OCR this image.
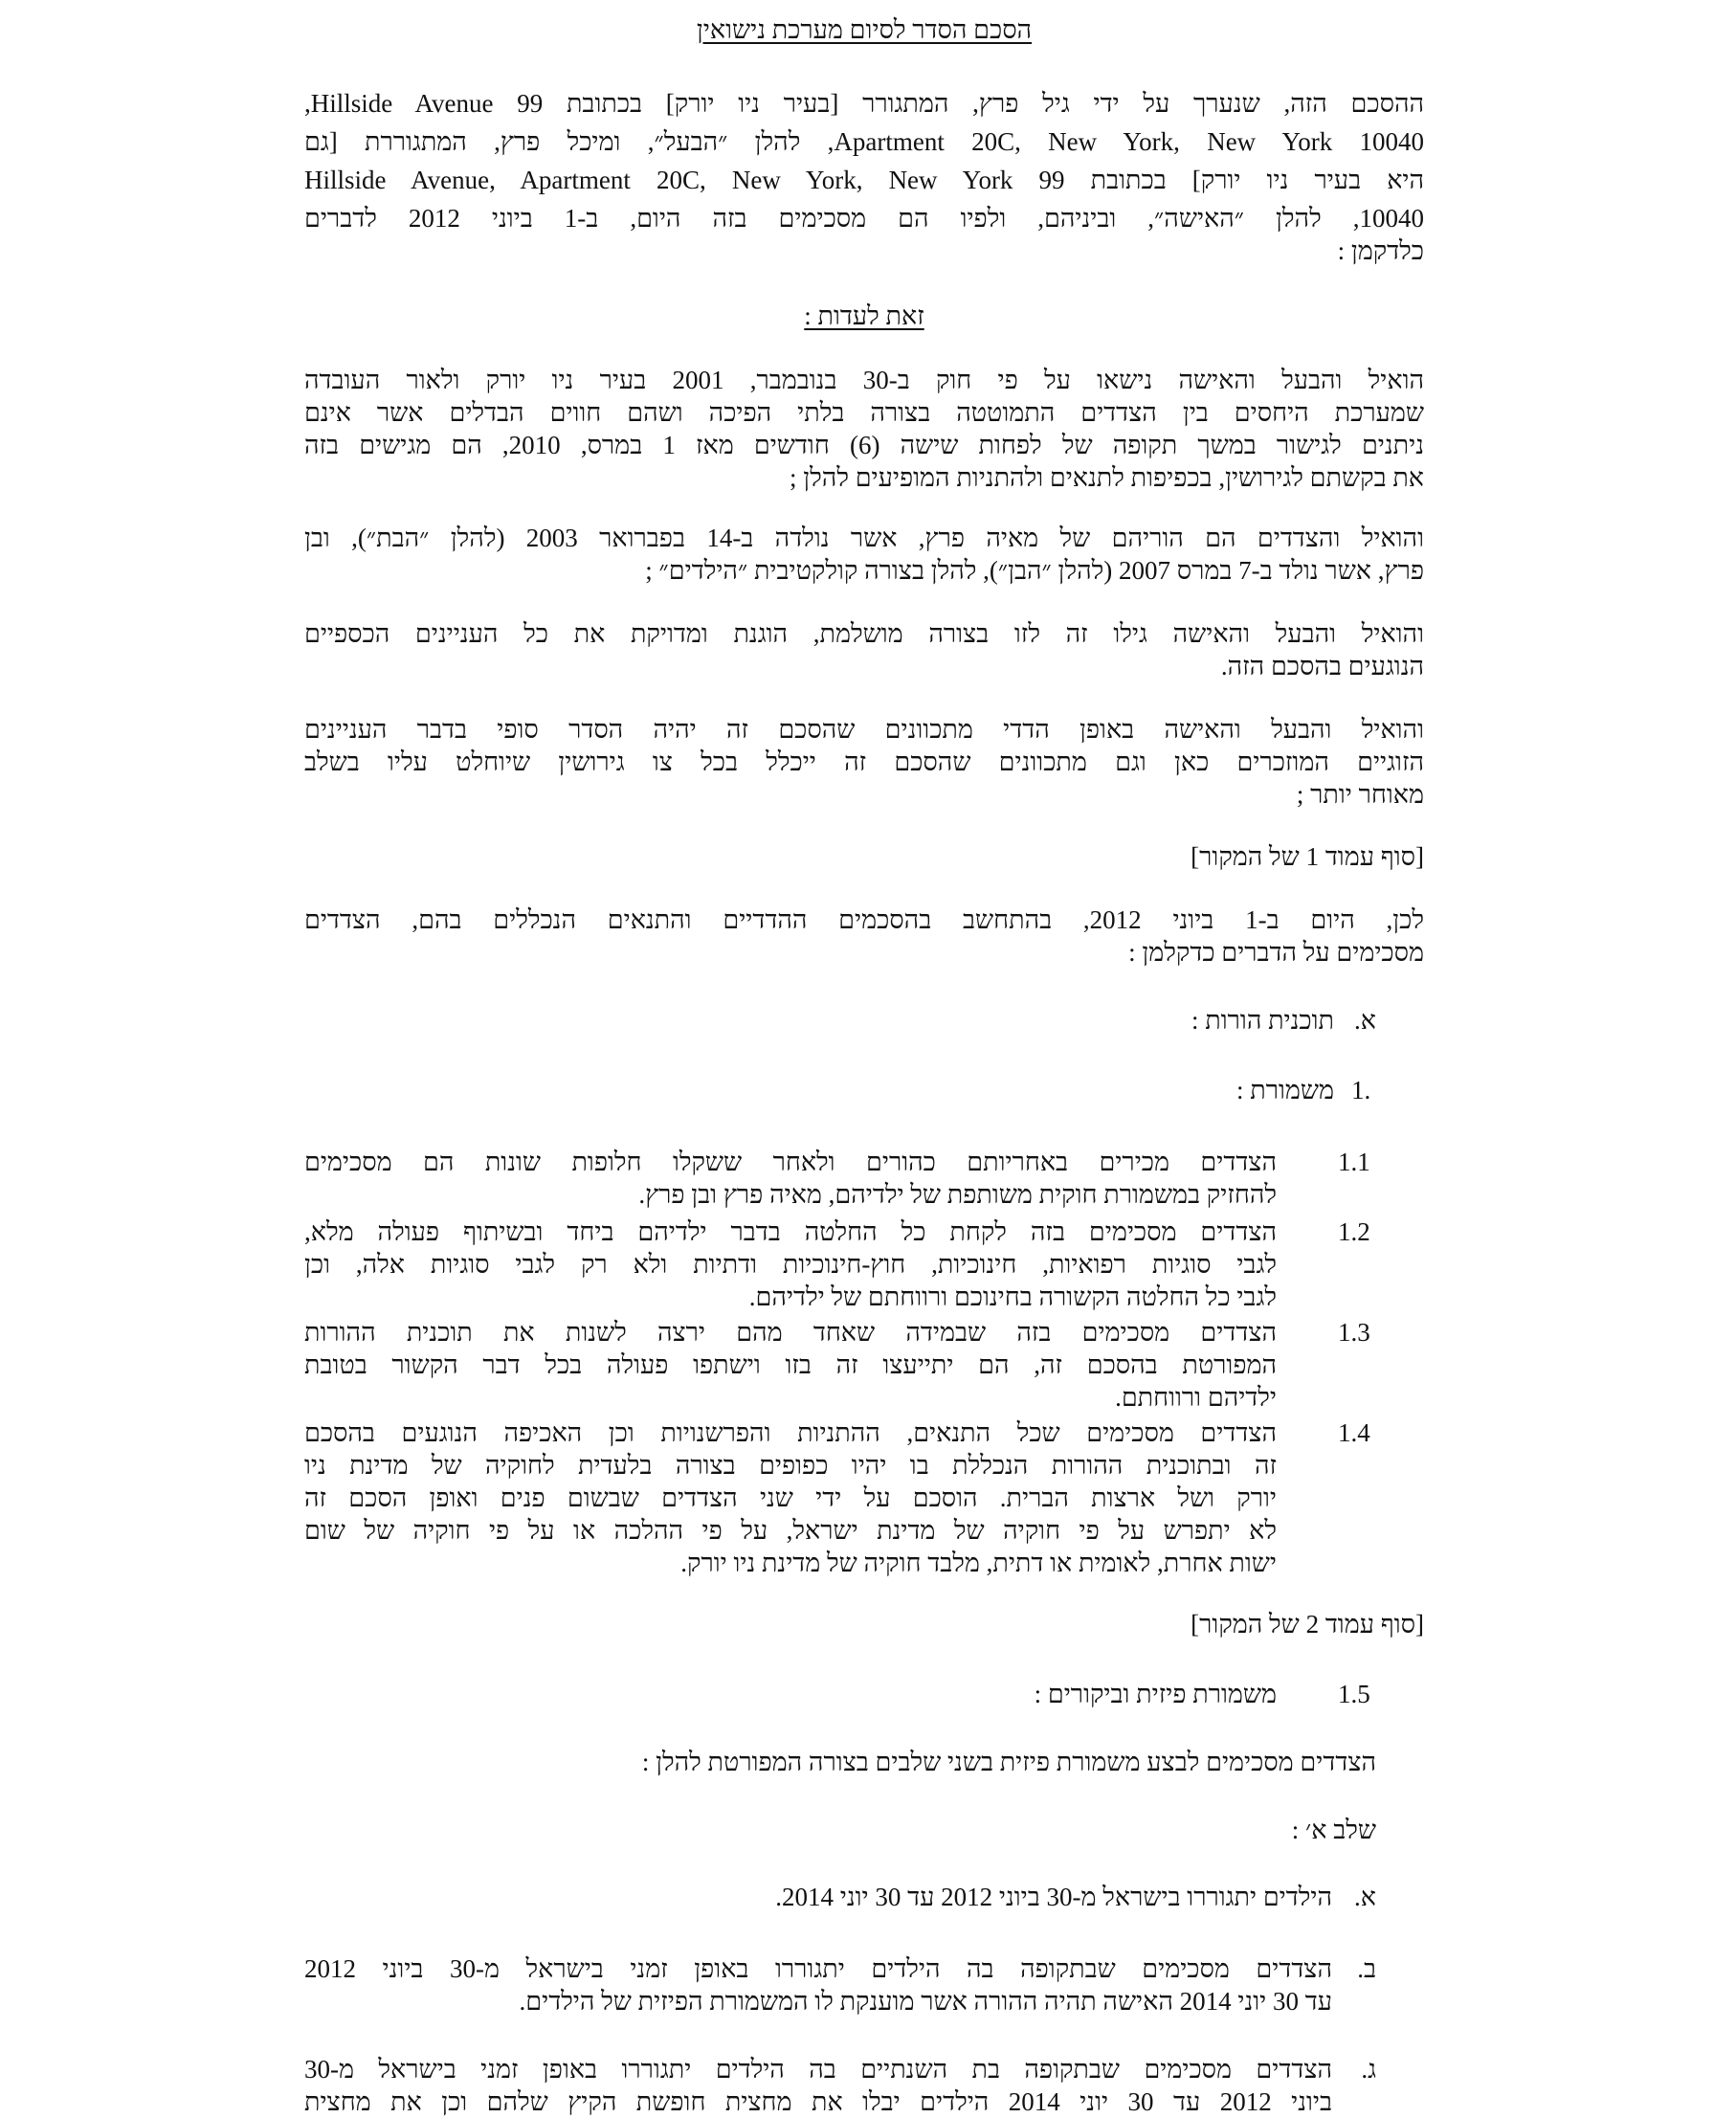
הסכם הסדר לסיום מערכת נישואין

ההסכם הזה, שנערך על ידי גיל פרץ, המתגורר [בעיר ניו יורק] בכתובת 99 Hillside Avenue,

Apartment 20C, New York, New York 10040, להלן ״הבעל״, ומיכל פרץ, המתגוררת [גם

היא בעיר ניו יורק] בכתובת 99 Hillside Avenue, Apartment 20C, New York, New York

10040, להלן ״האישה״, וביניהם, ולפיו הם מסכימים בזה היום, ב-1 ביוני 2012 לדברים

כלדקמן :

זאת לעדות :

הואיל והבעל והאישה נישאו על פי חוק ב-30 בנובמבר, 2001 בעיר ניו יורק ולאור העובדה

שמערכת היחסים בין הצדדים התמוטטה בצורה בלתי הפיכה ושהם חווים הבדלים אשר אינם

ניתנים לגישור במשך תקופה של לפחות שישה (6) חודשים מאז 1 במרס, 2010, הם מגישים בזה

את בקשתם לגירושין, בכפיפות לתנאים ולהתניות המופיעים להלן ;

והואיל והצדדים הם הוריהם של מאיה פרץ, אשר נולדה ב-14 בפברואר 2003 (להלן ״הבת״), ובן

פרץ, אשר נולד ב-7 במרס 2007 (להלן ״הבן״), להלן בצורה קולקטיבית ״הילדים״ ;

והואיל והבעל והאישה גילו זה לזו בצורה מושלמת, הוגנת ומדויקת את כל העניינים הכספיים

הנוגעים בהסכם הזה.

והואיל והבעל והאישה באופן הדדי מתכוונים שהסכם זה יהיה הסדר סופי בדבר העניינים

הזוגיים המוזכרים כאן וגם מתכוונים שהסכם זה ייכלל בכל צו גירושין שיוחלט עליו בשלב

מאוחר יותר ;

[סוף עמוד 1 של המקור]

לכן, היום ב-1 ביוני 2012, בהתחשב בהסכמים ההדדיים והתנאים הנכללים בהם, הצדדים

מסכימים על הדברים כדקלמן :

א.
תוכנית הורות :
1.
משמורת :
1.1

הצדדים מכירים באחריותם כהורים ולאחר ששקלו חלופות שונות הם מסכימים

להחזיק במשמורת חוקית משותפת של ילדיהם, מאיה פרץ ובן פרץ.

1.2

הצדדים מסכימים בזה לקחת כל החלטה בדבר ילדיהם ביחד ובשיתוף פעולה מלא,

לגבי סוגיות רפואיות, חינוכיות, חוץ-חינוכיות ודתיות ולא רק לגבי סוגיות אלה, וכן

לגבי כל החלטה הקשורה בחינוכם ורווחתם של ילדיהם.

1.3

הצדדים מסכימים בזה שבמידה שאחד מהם ירצה לשנות את תוכנית ההורות

המפורטת בהסכם זה, הם יתייעצו זה בזו וישתפו פעולה בכל דבר הקשור בטובת

ילדיהם ורווחתם.

1.4

הצדדים מסכימים שכל התנאים, ההתניות והפרשנויות וכן האכיפה הנוגעים בהסכם

זה ובתוכנית ההורות הנכללת בו יהיו כפופים בצורה בלעדית לחוקיה של מדינת ניו

יורק ושל ארצות הברית. הוסכם על ידי שני הצדדים שבשום פנים ואופן הסכם זה

לא יתפרש על פי חוקיה של מדינת ישראל, על פי ההלכה או על פי חוקיה של שום

ישות אחרת, לאומית או דתית, מלבד חוקיה של מדינת ניו יורק.

[סוף עמוד 2 של המקור]

1.5
משמורת פיזית וביקורים :
הצדדים מסכימים לבצע משמורת פיזית בשני שלבים בצורה המפורטת להלן :
שלב א׳ :
א.

הילדים יתגוררו בישראל מ-30 ביוני 2012 עד 30 יוני 2014.

ב.

הצדדים מסכימים שבתקופה בה הילדים יתגוררו באופן זמני בישראל מ-30 ביוני 2012

עד 30 יוני 2014 האישה תהיה ההורה אשר מוענקת לו המשמורת הפיזית של הילדים.

ג.

הצדדים מסכימים שבתקופה בת השנתיים בה הילדים יתגוררו באופן זמני בישראל מ-30

ביוני 2012 עד 30 יוני 2014 הילדים יבלו את מחצית חופשת הקיץ שלהם וכן את מחצית
